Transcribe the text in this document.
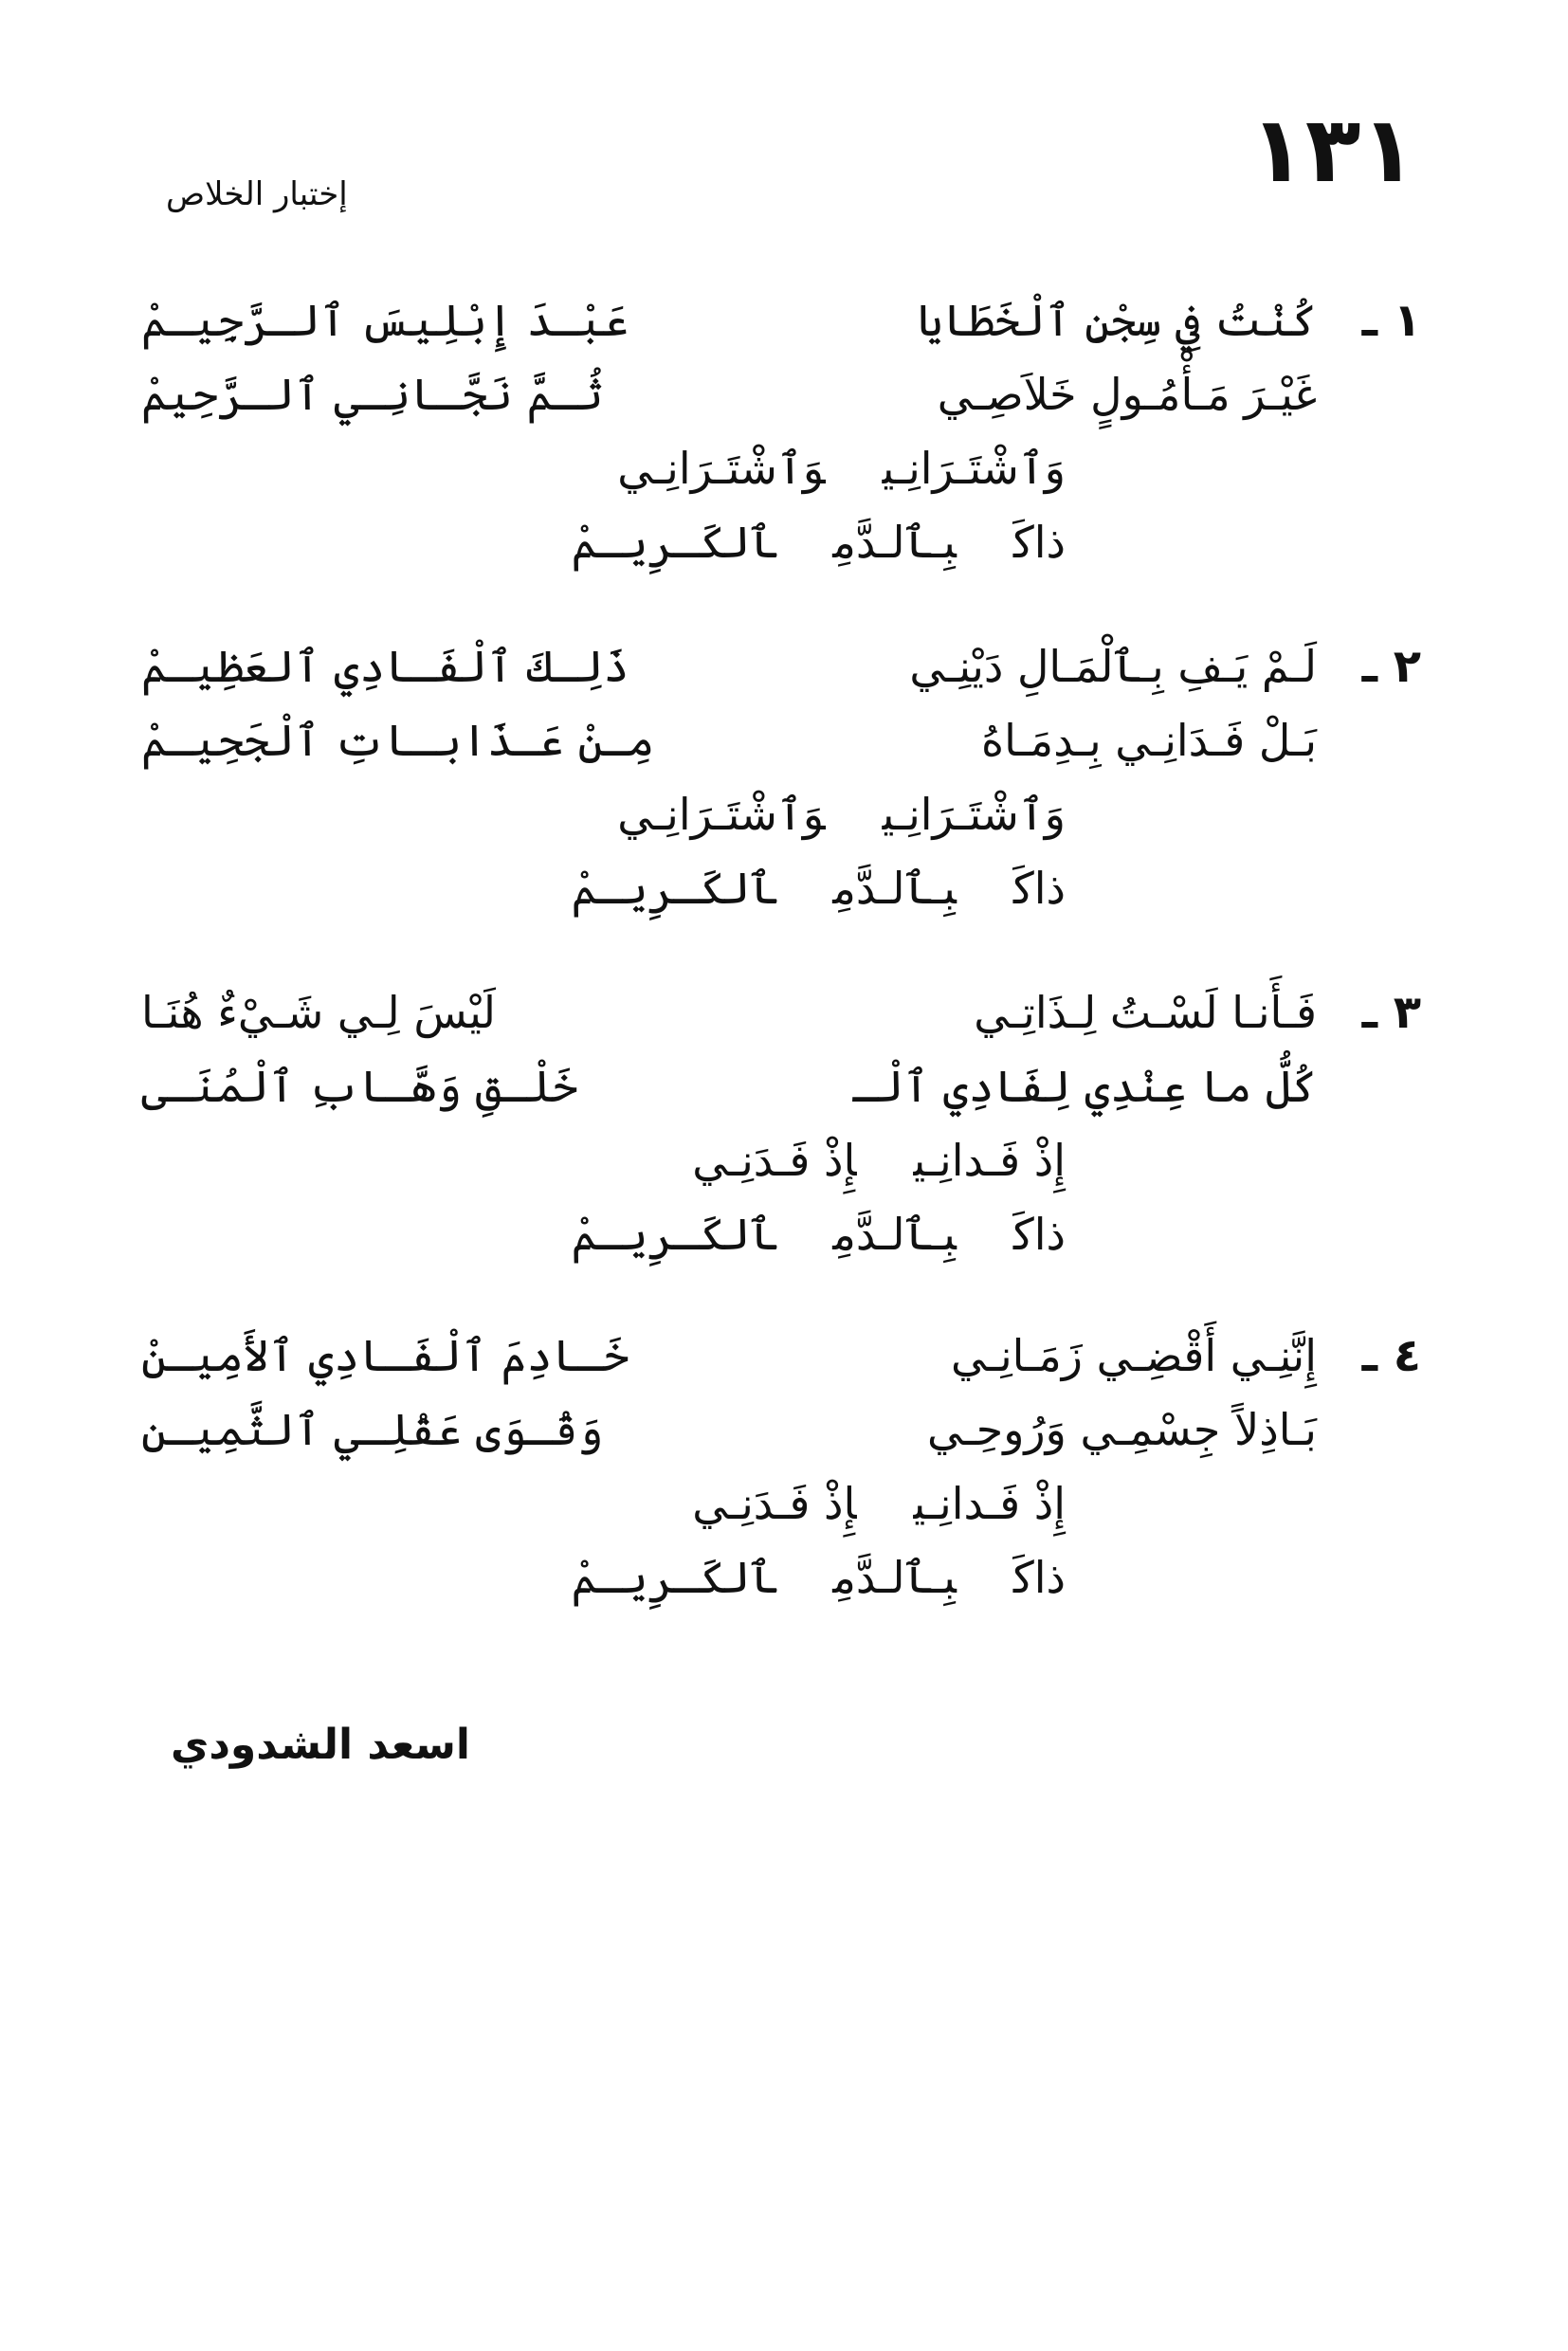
١٣١
إختبار الخلاص
١ ـ
كُنْتُ فِي سِجْنِ ٱلْخَطَايا
عَبْـدَ إِبْلِيسَ ٱلـرَّجِيـمْ
غَيْـرَ مَـأْمُـولٍ خَلاَصِـي
ثُـمَّ نَجَّـانِـي ٱلـرَّحِيمْ
وَٱشْتَـرَانِـيوَٱشْتَـرَانِـي
ذاكَبِـٱلـدَّمِٱلكَـرِيـمْ
٢ ـ
لَـمْ يَـفِ بِـٱلْمَـالِ دَيْنِـي
ذَلِـكَ ٱلْفَـادِي ٱلعَظِيـمْ
بَـلْ فَـدَانِـي بِـدِمَـاهُ
مِـنْ عَـذَابـاتِ ٱلْجَحِيـمْ
وَٱشْتَـرَانِـيوَٱشْتَـرَانِـي
ذاكَبِـٱلـدَّمِٱلكَـرِيـمْ
٣ ـ
فَـأَنـا لَسْـتُ لِـذَاتِـي
لَيْسَ لِـي شَـيْءٌ هُنَـا
كُلُّ ما عِنْدِي لِفَادِي ٱلْـ
خَلْـقِ وَهَّـابِ ٱلْمُنَـى
إِذْ فَـدانِـيإِذْ فَـدَنِـي
ذاكَبِـٱلـدَّمِٱلكَـرِيـمْ
٤ ـ
إِنَّنِـي أَقْضِـي زَمَـانِـي
خَـادِمَ ٱلْفَـادِي ٱلأَمِيـنْ
بَـاذِلاً جِسْمِـي وَرُوحِـي
وَقُـوَى عَقْلِـي ٱلثَّمِيـن
إِذْ فَـدانِـيإِذْ فَـدَنِـي
ذاكَبِـٱلـدَّمِٱلكَـرِيـمْ
اسعد الشدودي
